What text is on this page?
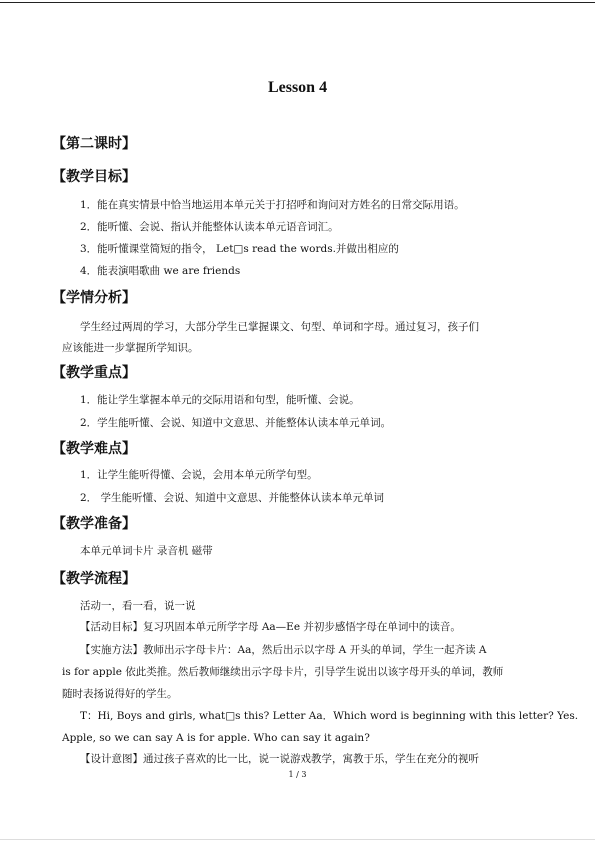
Lesson 4
【第二课时】
【教学目标】
1．能在真实情景中恰当地运用本单元关于打招呼和询问对方姓名的日常交际用语。
2．能听懂、会说、指认并能整体认读本单元语音词汇。
3．能听懂课堂简短的指令， Let□s read the words.并做出相应的
4．能表演唱歌曲 we are friends
【学情分析】
学生经过两周的学习，大部分学生已掌握课文、句型、单词和字母。通过复习，孩子们
应该能进一步掌握所学知识。
【教学重点】
1．能让学生掌握本单元的交际用语和句型，能听懂、会说。
2．学生能听懂、会说、知道中文意思、并能整体认读本单元单词。
【教学难点】
1．让学生能听得懂、会说，会用本单元所学句型。
2． 学生能听懂、会说、知道中文意思、并能整体认读本单元单词
【教学准备】
本单元单词卡片 录音机 磁带
【教学流程】
活动一，看一看，说一说
【活动目标】复习巩固本单元所学字母 Aa—Ee 并初步感悟字母在单词中的读音。
【实施方法】教师出示字母卡片：Aa，然后出示以字母 A 开头的单词，学生一起齐读 A
is for apple 依此类推。然后教师继续出示字母卡片，引导学生说出以该字母开头的单词，教师
随时表扬说得好的学生。
T：Hi, Boys and girls, what□s this? Letter Aa．Which word is beginning with this letter? Yes.
Apple, so we can say A is for apple. Who can say it again?
【设计意图】通过孩子喜欢的比一比，说一说游戏教学，寓教于乐，学生在充分的视听
1 / 3
